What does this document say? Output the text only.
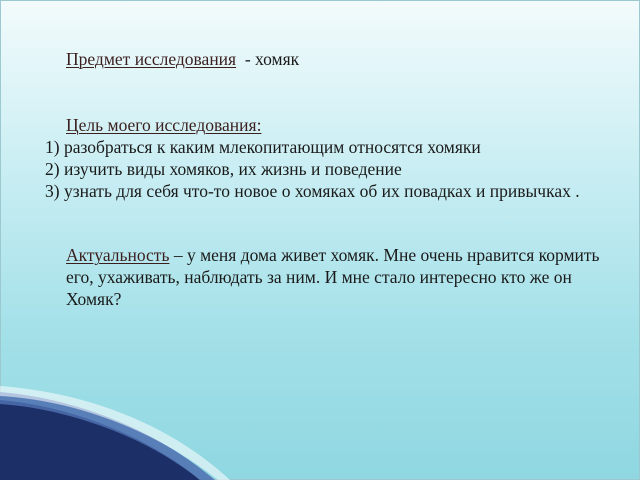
Предмет исследования  - хомяк
Цель моего исследования:
1) разобраться к каким млекопитающим относятся хомяки
2) изучить виды хомяков, их жизнь и поведение
3) узнать для себя что-то новое о хомяках об их повадках и привычках .
Актуальность – у меня дома живет хомяк. Мне очень нравится кормить его, ухаживать, наблюдать за ним. И мне стало интересно кто же он Хомяк?
